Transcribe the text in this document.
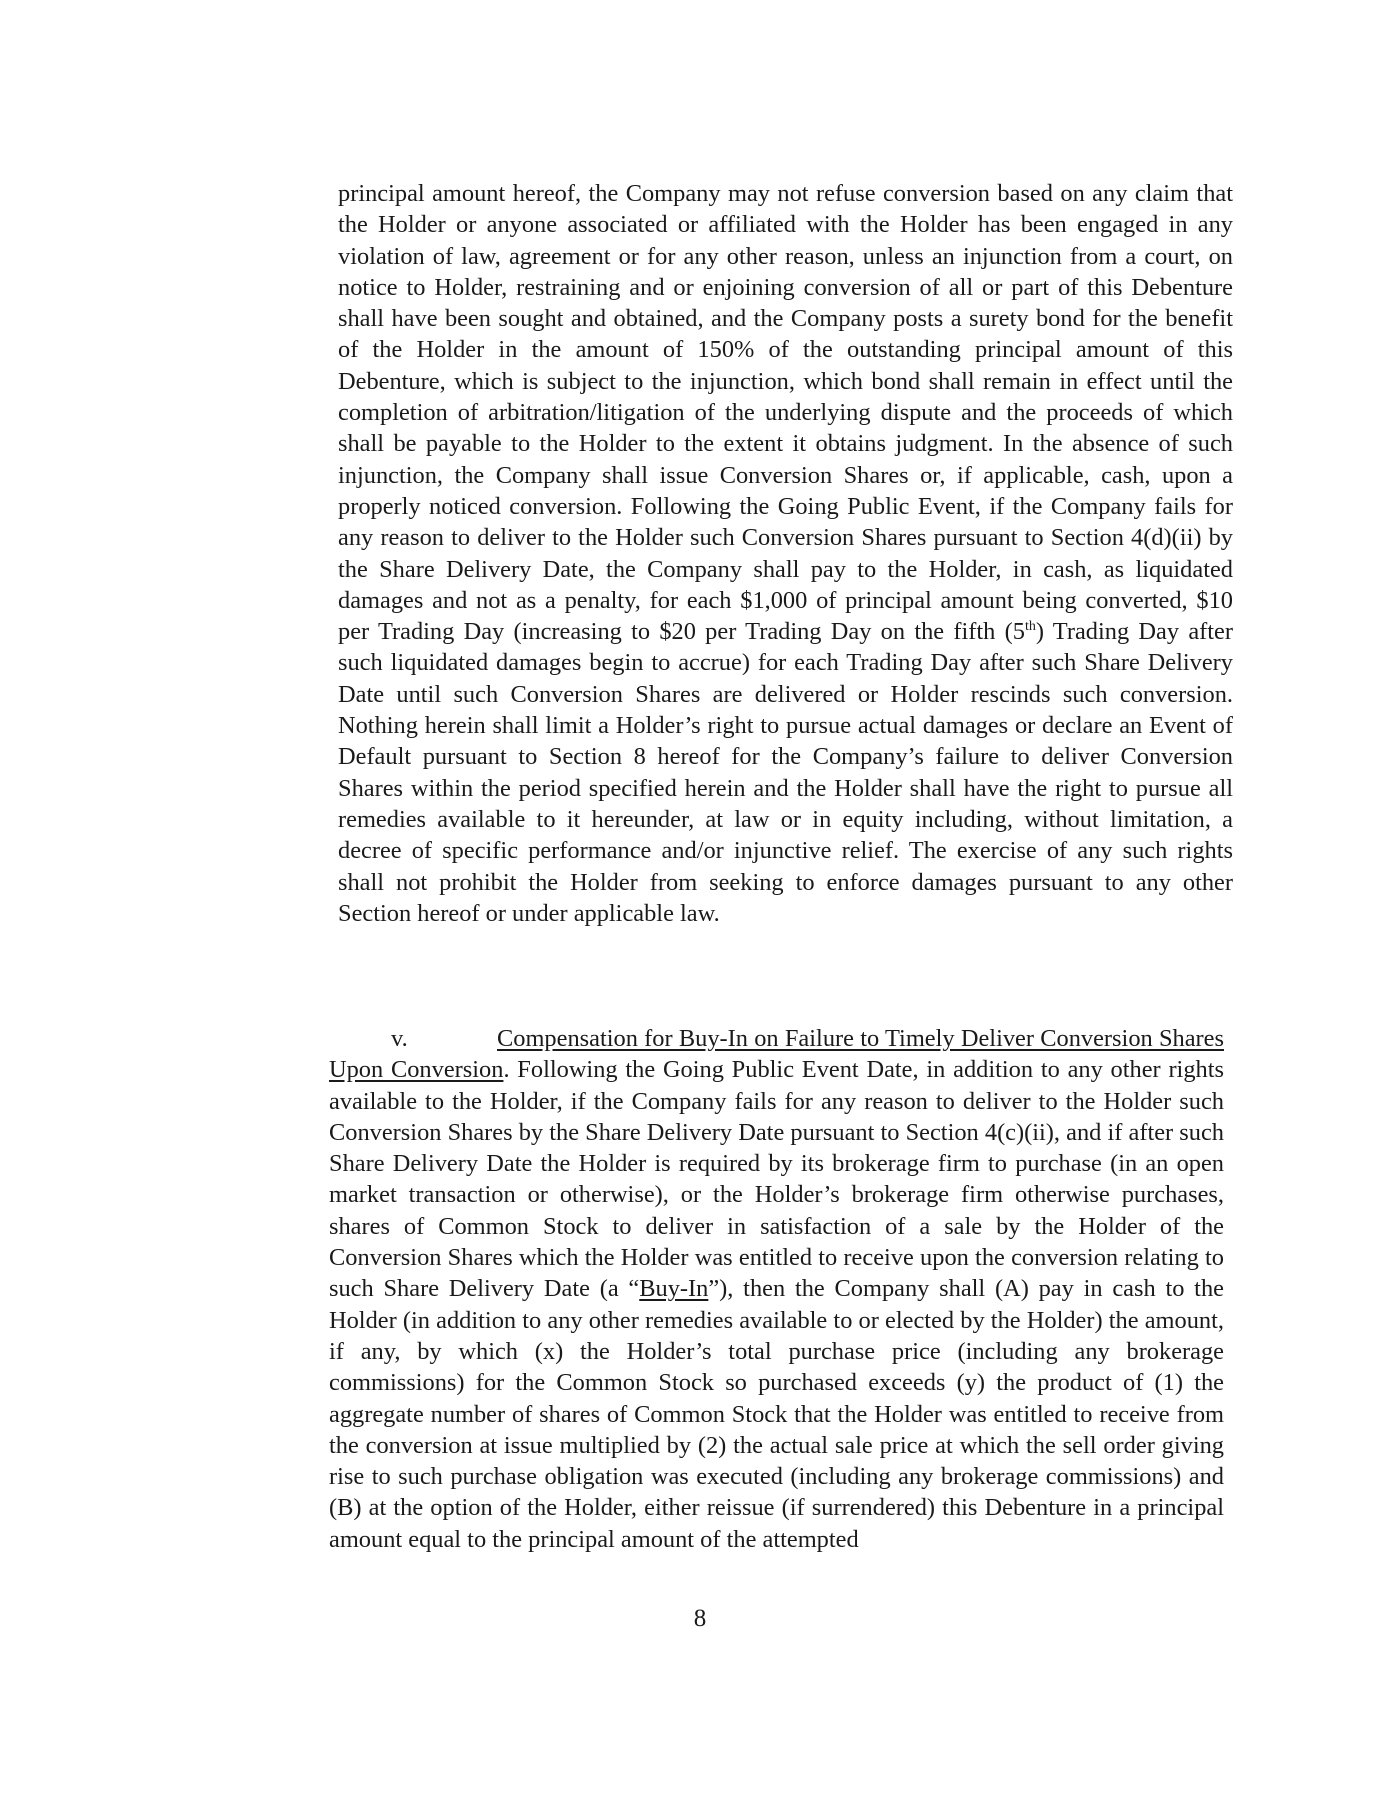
principal amount hereof, the Company may not refuse conversion based on any claim that the Holder or anyone associated or affiliated with the Holder has been engaged in any violation of law, agreement or for any other reason, unless an injunction from a court, on notice to Holder, restraining and or enjoining conversion of all or part of this Debenture shall have been sought and obtained, and the Company posts a surety bond for the benefit of the Holder in the amount of 150% of the outstanding principal amount of this Debenture, which is subject to the injunction, which bond shall remain in effect until the completion of arbitration/litigation of the underlying dispute and the proceeds of which shall be payable to the Holder to the extent it obtains judgment. In the absence of such injunction, the Company shall issue Conversion Shares or, if applicable, cash, upon a properly noticed conversion. Following the Going Public Event, if the Company fails for any reason to deliver to the Holder such Conversion Shares pursuant to Section 4(d)(ii) by the Share Delivery Date, the Company shall pay to the Holder, in cash, as liquidated damages and not as a penalty, for each $1,000 of principal amount being converted, $10 per Trading Day (increasing to $20 per Trading Day on the fifth (5th) Trading Day after such liquidated damages begin to accrue) for each Trading Day after such Share Delivery Date until such Conversion Shares are delivered or Holder rescinds such conversion. Nothing herein shall limit a Holder’s right to pursue actual damages or declare an Event of Default pursuant to Section 8 hereof for the Company’s failure to deliver Conversion Shares within the period specified herein and the Holder shall have the right to pursue all remedies available to it hereunder, at law or in equity including, without limitation, a decree of specific performance and/or injunctive relief. The exercise of any such rights shall not prohibit the Holder from seeking to enforce damages pursuant to any other Section hereof or under applicable law.

v.	Compensation for Buy-In on Failure to Timely Deliver Conversion Shares Upon Conversion. Following the Going Public Event Date, in addition to any other rights available to the Holder, if the Company fails for any reason to deliver to the Holder such Conversion Shares by the Share Delivery Date pursuant to Section 4(c)(ii), and if after such Share Delivery Date the Holder is required by its brokerage firm to purchase (in an open market transaction or otherwise), or the Holder’s brokerage firm otherwise purchases, shares of Common Stock to deliver in satisfaction of a sale by the Holder of the Conversion Shares which the Holder was entitled to receive upon the conversion relating to such Share Delivery Date (a “Buy-In”), then the Company shall (A) pay in cash to the Holder (in addition to any other remedies available to or elected by the Holder) the amount, if any, by which (x) the Holder’s total purchase price (including any brokerage commissions) for the Common Stock so purchased exceeds (y) the product of (1) the aggregate number of shares of Common Stock that the Holder was entitled to receive from the conversion at issue multiplied by (2) the actual sale price at which the sell order giving rise to such purchase obligation was executed (including any brokerage commissions) and (B) at the option of the Holder, either reissue (if surrendered) this Debenture in a principal amount equal to the principal amount of the attempted

8
